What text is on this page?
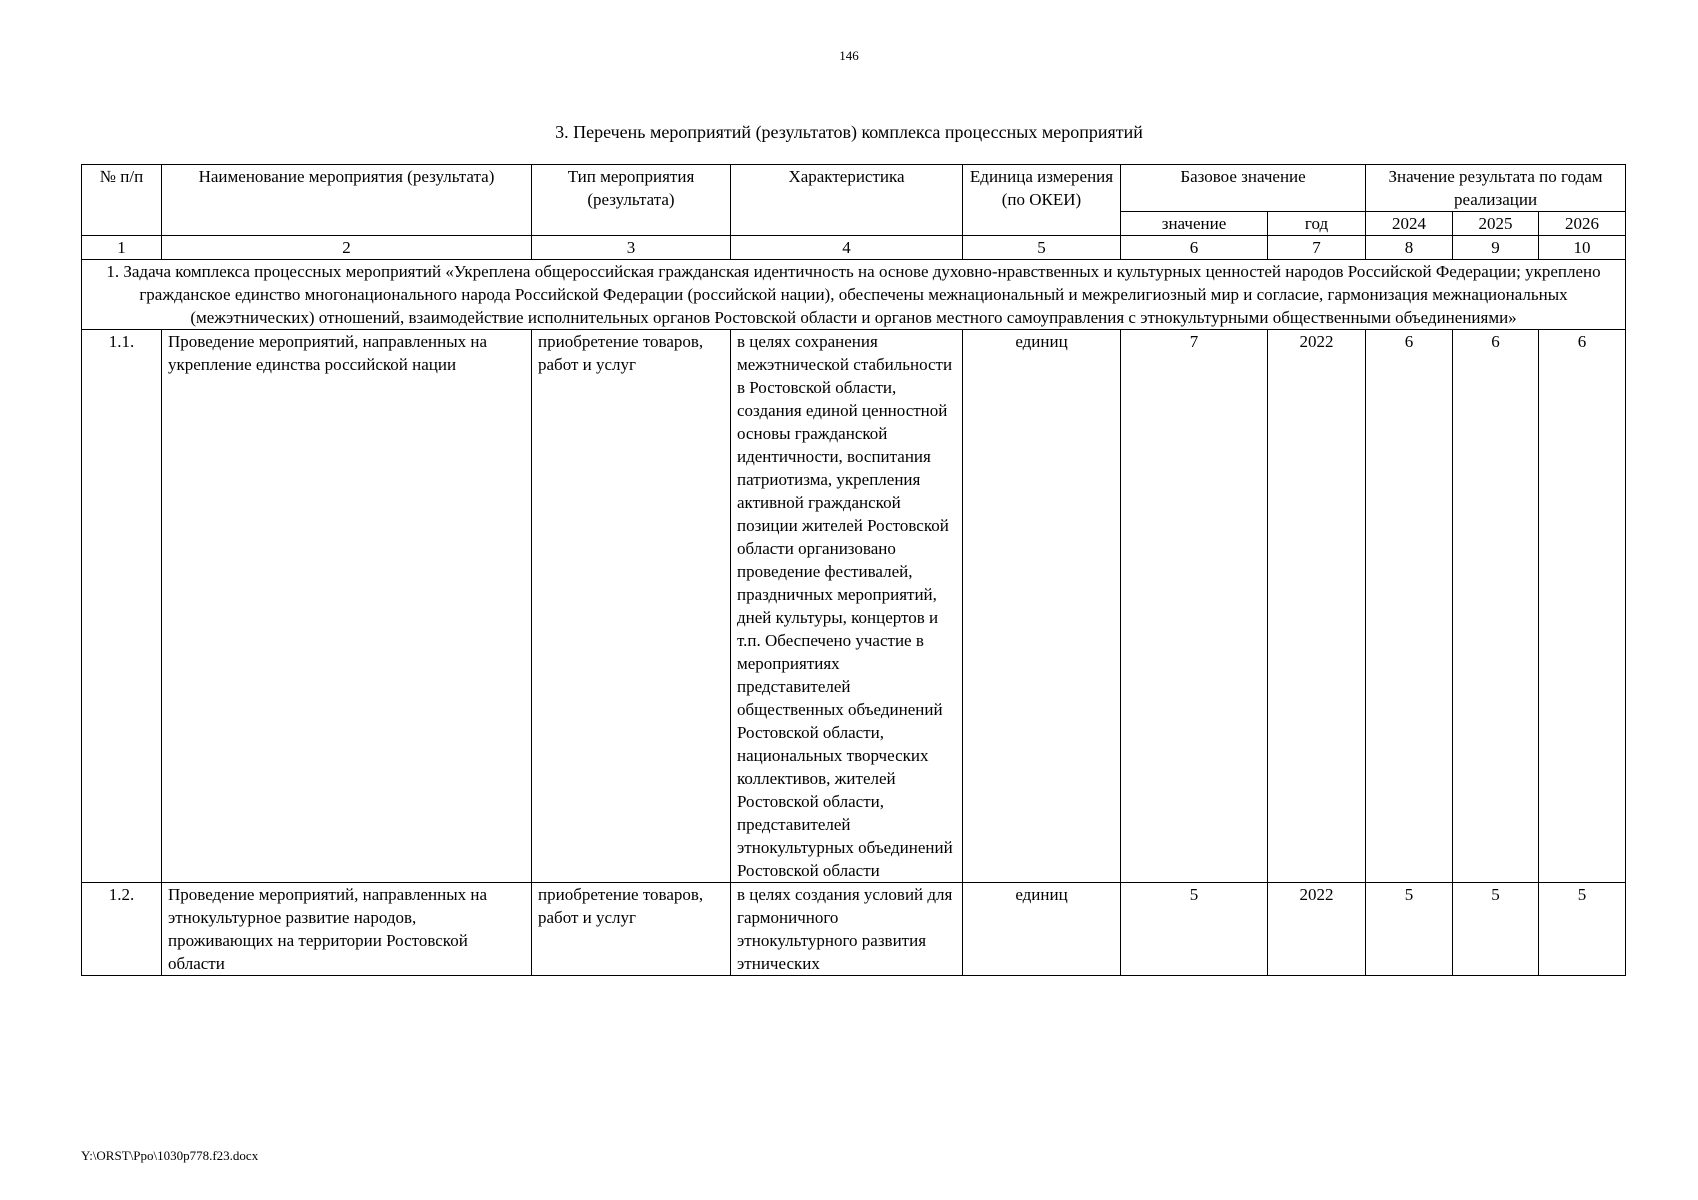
146
3. Перечень мероприятий (результатов) комплекса процессных мероприятий
№ п/п	Наименование мероприятия (результата)	Тип мероприятия (результата)	Характеристика	Единица измерения (по ОКЕИ)	Базовое значение		Значение результата по годам реализации		
					значение	год	2024	2025	2026
1	2	3	4	5	6	7	8	9	10
1. Задача комплекса процессных мероприятий «Укреплена общероссийская гражданская идентичность на основе духовно-нравственных и культурных ценностей народов Российской Федерации; укреплено гражданское единство многонационального народа Российской Федерации (российской нации), обеспечены межнациональный и межрелигиозный мир и согласие, гармонизация межнациональных (межэтнических) отношений, взаимодействие исполнительных органов Ростовской области и органов местного самоуправления с этнокультурными общественными объединениями»									
1.1.	Проведение мероприятий, направленных на укрепление единства российской нации	приобретение товаров, работ и услуг	в целях сохранения межэтнической стабильности в Ростовской области, создания единой ценностной основы гражданской идентичности, воспитания патриотизма, укрепления активной гражданской позиции жителей Ростовской области организовано проведение фестивалей, праздничных мероприятий, дней культуры, концертов и т.п. Обеспечено участие в мероприятиях представителей общественных объединений Ростовской области, национальных творческих коллективов, жителей Ростовской области, представителей этнокультурных объединений Ростовской области	единиц	7	2022	6	6	6
1.2.	Проведение мероприятий, направленных на этнокультурное развитие народов, проживающих на территории Ростовской области	приобретение товаров, работ и услуг	в целях создания условий для гармоничного этнокультурного развития этнических	единиц	5	2022	5	5	5
Y:\ORST\Ppo\1030p778.f23.docx
